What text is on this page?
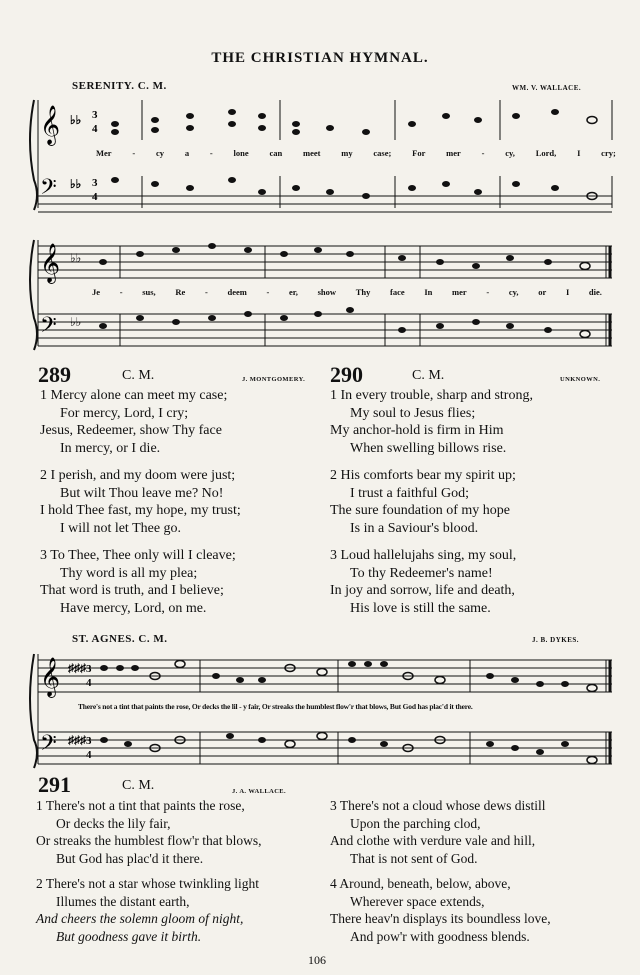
THE CHRISTIAN HYMNAL.
SERENITY. C. M.	WM. V. WALLACE.
𝄞
𝄢
♭♭
♭♭
3
4
3
4
𝄞
𝄢
♭♭
♭♭
𝄞
𝄢
♯♯♯
♯♯♯
3
4
3
4
Mer - cy a - lone can meet my case; For mer - cy, Lord, I cry;
Je - sus, Re - deem - er, show Thy face In mer - cy, or I die.
289	C. M.	J. MONTGOMERY.
1 Mercy alone can meet my case;
For mercy, Lord, I cry;
Jesus, Redeemer, show Thy face
In mercy, or I die.
2 I perish, and my doom were just;
But wilt Thou leave me? No!
I hold Thee fast, my hope, my trust;
I will not let Thee go.
3 To Thee, Thee only will I cleave;
Thy word is all my plea;
That word is truth, and I believe;
Have mercy, Lord, on me.
290	C. M.	UNKNOWN.
1 In every trouble, sharp and strong,
My soul to Jesus flies;
My anchor-hold is firm in Him
When swelling billows rise.
2 His comforts bear my spirit up;
I trust a faithful God;
The sure foundation of my hope
Is in a Saviour's blood.
3 Loud hallelujahs sing, my soul,
To thy Redeemer's name!
In joy and sorrow, life and death,
His love is still the same.
ST. AGNES. C. M.	J. B. DYKES.
There's not a tint that paints the rose, Or decks the lil - y fair, Or streaks the humblest flow'r that blows, But God has plac'd it there.
291	C. M.	J. A. WALLACE.
1 There's not a tint that paints the rose,
Or decks the lily fair,
Or streaks the humblest flow'r that blows,
But God has plac'd it there.
2 There's not a star whose twinkling light
Illumes the distant earth,
And cheers the solemn gloom of night,
But goodness gave it birth.
3 There's not a cloud whose dews distill
Upon the parching clod,
And clothe with verdure vale and hill,
That is not sent of God.
4 Around, beneath, below, above,
Wherever space extends,
There heav'n displays its boundless love,
And pow'r with goodness blends.
106
